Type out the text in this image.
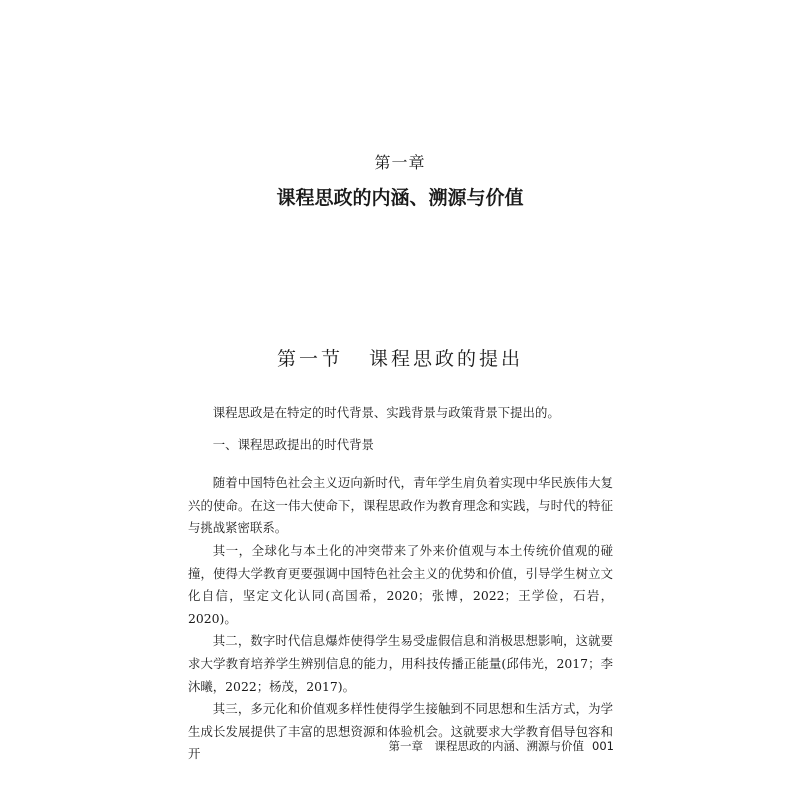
第一章
课程思政的内涵、溯源与价值
第一节 课程思政的提出

课程思政是在特定的时代背景、实践背景与政策背景下提出的。

一、课程思政提出的时代背景

随着中国特色社会主义迈向新时代，青年学生肩负着实现中华民族伟大复兴的使命。在这一伟大使命下，课程思政作为教育理念和实践，与时代的特征与挑战紧密联系。

其一，全球化与本土化的冲突带来了外来价值观与本土传统价值观的碰撞，使得大学教育更要强调中国特色社会主义的优势和价值，引导学生树立文化自信，坚定文化认同(高国希，2020；张博，2022；王学俭，石岩，2020)。

其二，数字时代信息爆炸使得学生易受虚假信息和消极思想影响，这就要求大学教育培养学生辨别信息的能力，用科技传播正能量(邱伟光，2017；李沐曦，2022；杨茂，2017)。

其三，多元化和价值观多样性使得学生接触到不同思想和生活方式，为学生成长发展提供了丰富的思想资源和体验机会。这就要求大学教育倡导包容和开

第一章　课程思政的内涵、溯源与价值 001
